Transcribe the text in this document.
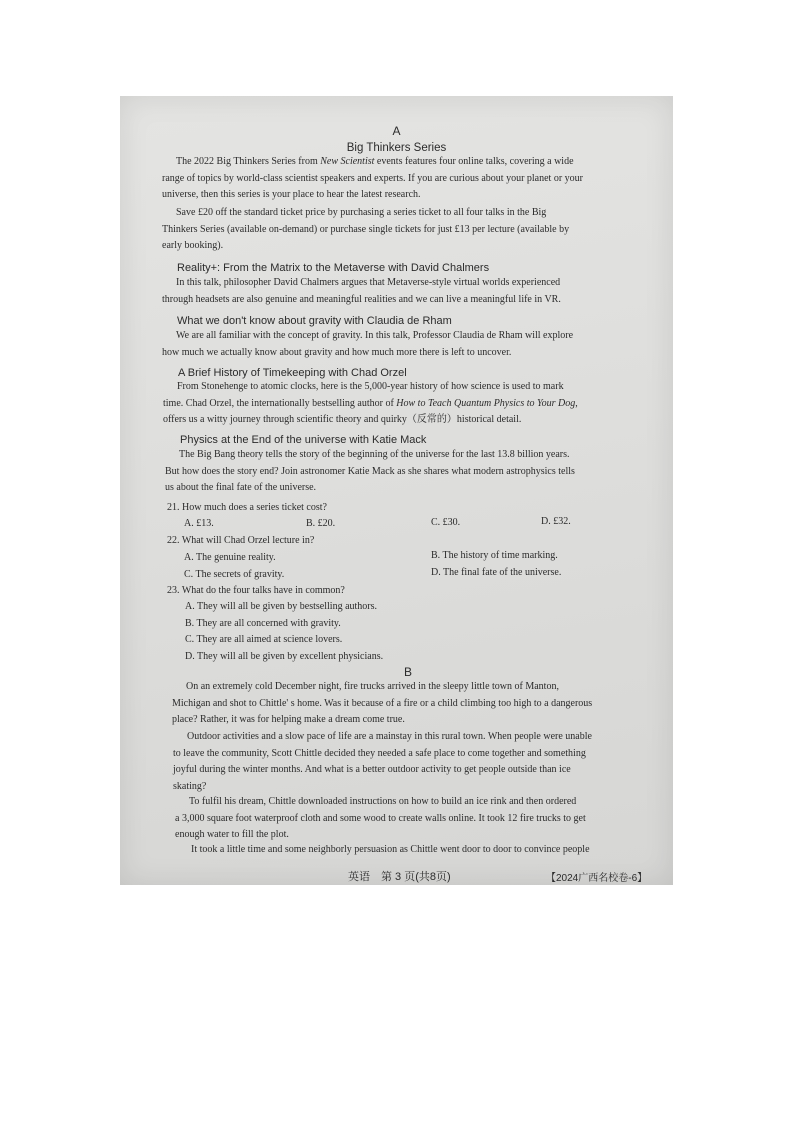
A
Big Thinkers Series
The 2022 Big Thinkers Series from New Scientist events features four online talks, covering a wide
range of topics by world-class scientist speakers and experts. If you are curious about your planet or your
universe, then this series is your place to hear the latest research.
Save £20 off the standard ticket price by purchasing a series ticket to all four talks in the Big
Thinkers Series (available on-demand) or purchase single tickets for just £13 per lecture (available by
early booking).
Reality+: From the Matrix to the Metaverse with David Chalmers
In this talk, philosopher David Chalmers argues that Metaverse-style virtual worlds experienced
through headsets are also genuine and meaningful realities and we can live a meaningful life in VR.
What we don't know about gravity with Claudia de Rham
We are all familiar with the concept of gravity. In this talk, Professor Claudia de Rham will explore
how much we actually know about gravity and how much more there is left to uncover.
A Brief History of Timekeeping with Chad Orzel
From Stonehenge to atomic clocks, here is the 5,000-year history of how science is used to mark
time. Chad Orzel, the internationally bestselling author of How to Teach Quantum Physics to Your Dog,
offers us a witty journey through scientific theory and quirky（反常的）historical detail.
Physics at the End of the universe with Katie Mack
The Big Bang theory tells the story of the beginning of the universe for the last 13.8 billion years.
But how does the story end? Join astronomer Katie Mack as she shares what modern astrophysics tells
us about the final fate of the universe.
21. How much does a series ticket cost?
A. £13.	B. £20.	C. £30.	D. £32.
22. What will Chad Orzel lecture in?
A. The genuine reality.	B. The history of time marking.
C. The secrets of gravity.	D. The final fate of the universe.
23. What do the four talks have in common?
A. They will all be given by bestselling authors.
B. They are all concerned with gravity.
C. They are all aimed at science lovers.
D. They will all be given by excellent physicians.
B
On an extremely cold December night, fire trucks arrived in the sleepy little town of Manton,
Michigan and shot to Chittle' s home. Was it because of a fire or a child climbing too high to a dangerous
place? Rather, it was for helping make a dream come true.
Outdoor activities and a slow pace of life are a mainstay in this rural town. When people were unable
to leave the community, Scott Chittle decided they needed a safe place to come together and something
joyful during the winter months. And what is a better outdoor activity to get people outside than ice
skating?
To fulfil his dream, Chittle downloaded instructions on how to build an ice rink and then ordered
a 3,000 square foot waterproof cloth and some wood to create walls online. It took 12 fire trucks to get
enough water to fill the plot.
It took a little time and some neighborly persuasion as Chittle went door to door to convince people
英语 第 3 页(共8页)	【2024广西名校卷-6】
